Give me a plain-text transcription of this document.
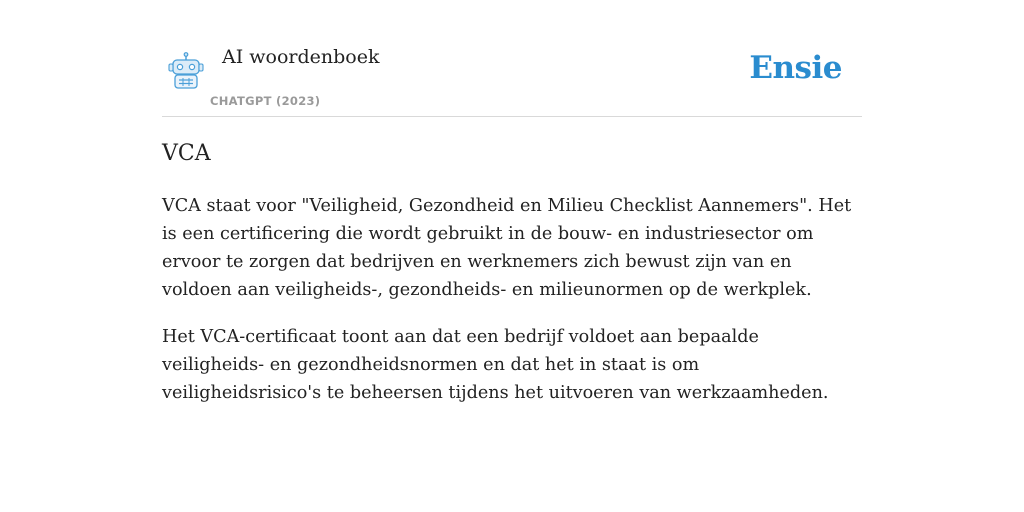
AI woordenboek
CHATGPT (2023)
Ensie
VCA

VCA staat voor "Veiligheid, Gezondheid en Milieu Checklist Aannemers". Het is een certificering die wordt gebruikt in de bouw- en industriesector om ervoor te zorgen dat bedrijven en werknemers zich bewust zijn van en voldoen aan veiligheids-, gezondheids- en milieunormen op de werkplek.

Het VCA-certificaat toont aan dat een bedrijf voldoet aan bepaalde veiligheids- en gezondheidsnormen en dat het in staat is om veiligheidsrisico's te beheersen tijdens het uitvoeren van werkzaamheden.
